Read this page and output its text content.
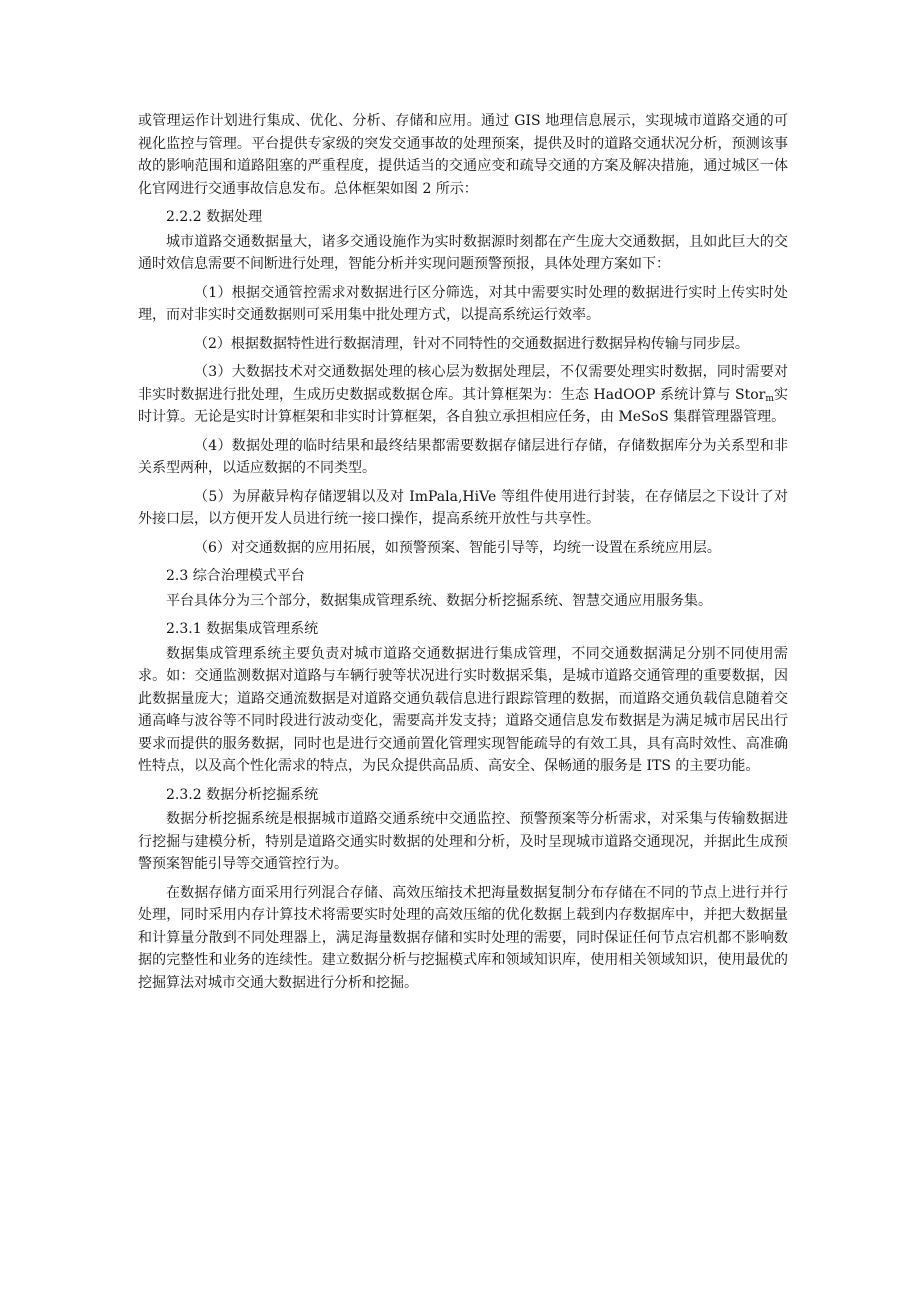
或管理运作计划进行集成、优化、分析、存储和应用。通过 GIS 地理信息展示，实现城市道路交通的可视化监控与管理。平台提供专家级的突发交通事故的处理预案，提供及时的道路交通状况分析，预测该事故的影响范围和道路阻塞的严重程度，提供适当的交通应变和疏导交通的方案及解决措施，通过城区一体化官网进行交通事故信息发布。总体框架如图 2 所示：

2.2.2 数据处理

城市道路交通数据量大，诸多交通设施作为实时数据源时刻都在产生庞大交通数据，且如此巨大的交通时效信息需要不间断进行处理，智能分析并实现问题预警预报，具体处理方案如下：

（1）根据交通管控需求对数据进行区分筛选，对其中需要实时处理的数据进行实时上传实时处理，而对非实时交通数据则可采用集中批处理方式，以提高系统运行效率。

（2）根据数据特性进行数据清理，针对不同特性的交通数据进行数据异构传输与同步层。

（3）大数据技术对交通数据处理的核心层为数据处理层，不仅需要处理实时数据，同时需要对非实时数据进行批处理，生成历史数据或数据仓库。其计算框架为：生态 HadOOP 系统计算与 Stor$_m$实时计算。无论是实时计算框架和非实时计算框架，各自独立承担相应任务，由 MeSoS 集群管理器管理。

（4）数据处理的临时结果和最终结果都需要数据存储层进行存储，存储数据库分为关系型和非关系型两种，以适应数据的不同类型。

（5）为屏蔽异构存储逻辑以及对 ImPala,HiVe 等组件使用进行封装，在存储层之下设计了对外接口层，以方便开发人员进行统一接口操作，提高系统开放性与共享性。

（6）对交通数据的应用拓展，如预警预案、智能引导等，均统一设置在系统应用层。

2.3 综合治理模式平台

平台具体分为三个部分，数据集成管理系统、数据分析挖掘系统、智慧交通应用服务集。

2.3.1 数据集成管理系统

数据集成管理系统主要负责对城市道路交通数据进行集成管理，不同交通数据满足分别不同使用需求。如：交通监测数据对道路与车辆行驶等状况进行实时数据采集，是城市道路交通管理的重要数据，因此数据量庞大；道路交通流数据是对道路交通负载信息进行跟踪管理的数据，而道路交通负载信息随着交通高峰与波谷等不同时段进行波动变化，需要高并发支持；道路交通信息发布数据是为满足城市居民出行要求而提供的服务数据，同时也是进行交通前置化管理实现智能疏导的有效工具，具有高时效性、高准确性特点，以及高个性化需求的特点，为民众提供高品质、高安全、保畅通的服务是 ITS 的主要功能。

2.3.2 数据分析挖掘系统

数据分析挖掘系统是根据城市道路交通系统中交通监控、预警预案等分析需求，对采集与传输数据进行挖掘与建模分析，特别是道路交通实时数据的处理和分析，及时呈现城市道路交通现况，并据此生成预警预案智能引导等交通管控行为。

在数据存储方面采用行列混合存储、高效压缩技术把海量数据复制分布存储在不同的节点上进行并行处理，同时采用内存计算技术将需要实时处理的高效压缩的优化数据上载到内存数据库中，并把大数据量和计算量分散到不同处理器上，满足海量数据存储和实时处理的需要，同时保证任何节点宕机都不影响数据的完整性和业务的连续性。建立数据分析与挖掘模式库和领域知识库，使用相关领域知识，使用最优的挖掘算法对城市交通大数据进行分析和挖掘。
